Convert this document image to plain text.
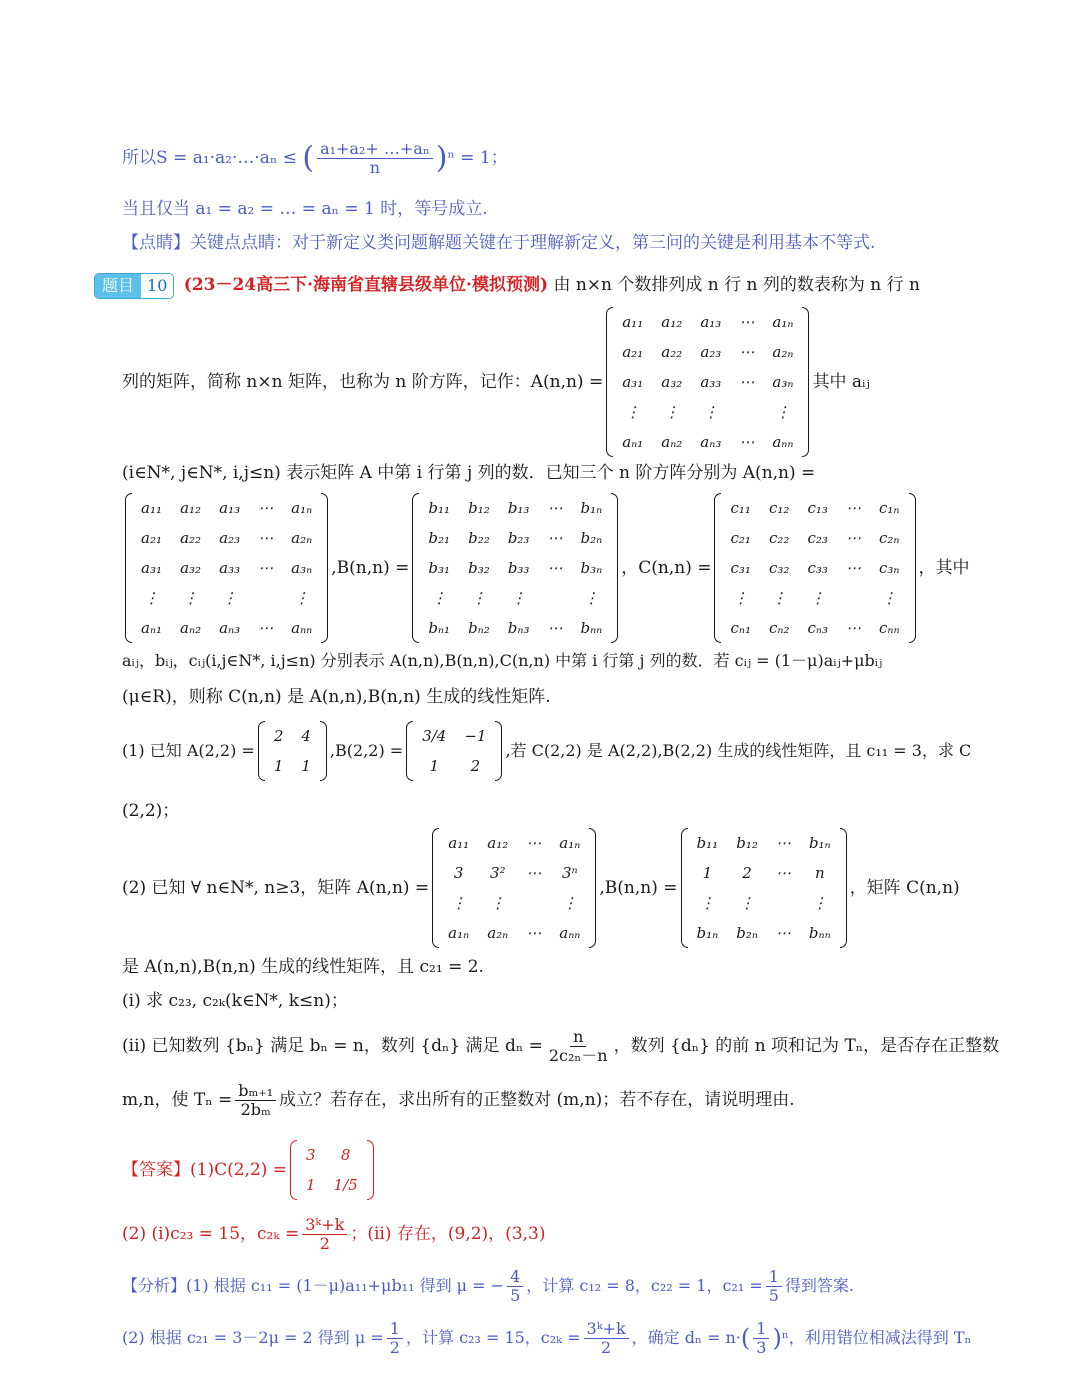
所以S = a₁·a₂·…·aₙ ≤ ( $\frac{\text{a₁+a₂+ …+aₙ}}{n} )^n = 1$；
当且仅当 a₁ = a₂ = … = aₙ = 1 时，等号成立.
【点睛】关键点点睛：对于新定义类问题解题关键在于理解新定义，第三问的关键是利用基本不等式.
题目 10 (23－24高三下·海南省直辖县级单位·模拟预测) 由 n×n 个数排列成 n 行 n 列的数表称为 n 行 n
列的矩阵，简称 n×n 矩阵，也称为 n 阶方阵，记作：A(n,n) =
a₁₁	a₁₂	a₁₃	⋯	a₁ₙ
a₂₁	a₂₂	a₂₃	⋯	a₂ₙ
a₃₁	a₃₂	a₃₃	⋯	a₃ₙ
⋮	⋮	⋮		⋮
aₙ₁	aₙ₂	aₙ₃	⋯	aₙₙ
其中 aᵢⱼ
(i∈N*, j∈N*, i,j≤n) 表示矩阵 A 中第 i 行第 j 列的数．已知三个 n 阶方阵分别为 A(n,n) =
a₁₁	a₁₂	a₁₃	⋯	a₁ₙ
a₂₁	a₂₂	a₂₃	⋯	a₂ₙ
a₃₁	a₃₂	a₃₃	⋯	a₃ₙ
⋮	⋮	⋮		⋮
aₙ₁	aₙ₂	aₙ₃	⋯	aₙₙ
,B(n,n) =
b₁₁	b₁₂	b₁₃	⋯	b₁ₙ
b₂₁	b₂₂	b₂₃	⋯	b₂ₙ
b₃₁	b₃₂	b₃₃	⋯	b₃ₙ
⋮	⋮	⋮		⋮
bₙ₁	bₙ₂	bₙ₃	⋯	bₙₙ
，C(n,n) =
c₁₁	c₁₂	c₁₃	⋯	c₁ₙ
c₂₁	c₂₂	c₂₃	⋯	c₂ₙ
c₃₁	c₃₂	c₃₃	⋯	c₃ₙ
⋮	⋮	⋮		⋮
cₙ₁	cₙ₂	cₙ₃	⋯	cₙₙ
，其中
aᵢⱼ，bᵢⱼ，cᵢⱼ(i,j∈N*, i,j≤n) 分别表示 A(n,n),B(n,n),C(n,n) 中第 i 行第 j 列的数．若 cᵢⱼ = (1－μ)aᵢⱼ+μbᵢⱼ
(μ∈R)，则称 C(n,n) 是 A(n,n),B(n,n) 生成的线性矩阵.
(1) 已知 A(2,2) =
2	4
1	1
,B(2,2) =
3/4	−1
1	2
,若 C(2,2) 是 A(2,2),B(2,2) 生成的线性矩阵，且 c₁₁ = 3，求 C
(2,2)；
(2) 已知 ∀ n∈N*, n≥3，矩阵 A(n,n) =
a₁₁	a₁₂	⋯	a₁ₙ
3	3²	⋯	3ⁿ
⋮	⋮		⋮
a₁ₙ	a₂ₙ	⋯	aₙₙ
,B(n,n) =
b₁₁	b₁₂	⋯	b₁ₙ
1	2	⋯	n
⋮	⋮		⋮
b₁ₙ	b₂ₙ	⋯	bₙₙ
，矩阵 C(n,n)
是 A(n,n),B(n,n) 生成的线性矩阵，且 c₂₁ = 2.
(i) 求 c₂₃, c₂ₖ(k∈N*, k≤n)；
(ii) 已知数列 {bₙ} 满足 bₙ = n，数列 {dₙ} 满足 $d_n = \frac{n}{\text{2c₂ₙ－n}}$ ，数列 {dₙ} 的前 n 项和记为 Tₙ，是否存在正整数
m,n，使 $T_n = \frac{\text{bₘ₊₁}}{\text{2bₘ}}$ 成立？若存在，求出所有的正整数对 (m,n)；若不存在，请说明理由.
【答案】(1)C(2,2) =
3	8
1	1/5
(2) (i)c₂₃ = 15，$c_{2k} = \frac{\text{3ᵏ+k}}{2}$ ；(ii) 存在，(9,2)，(3,3)
【分析】(1) 根据 c₁₁ = (1－μ)a₁₁+μb₁₁ 得到 μ = − $\frac{4}{5}$ ，计算 c₁₂ = 8，c₂₂ = 1，$c_{21} = \frac{1}{5}$ 得到答案.
(2) 根据 c₂₁ = 3－2μ = 2 得到 $\mu = \frac{1}{2}$ ，计算 c₂₃ = 15，$c_{2k} = \frac{\text{3ᵏ+k}}{2}$ ，确定 dₙ = n· ( $\frac{1}{3}$ ) ⁿ，利用错位相减法得到 Tₙ
